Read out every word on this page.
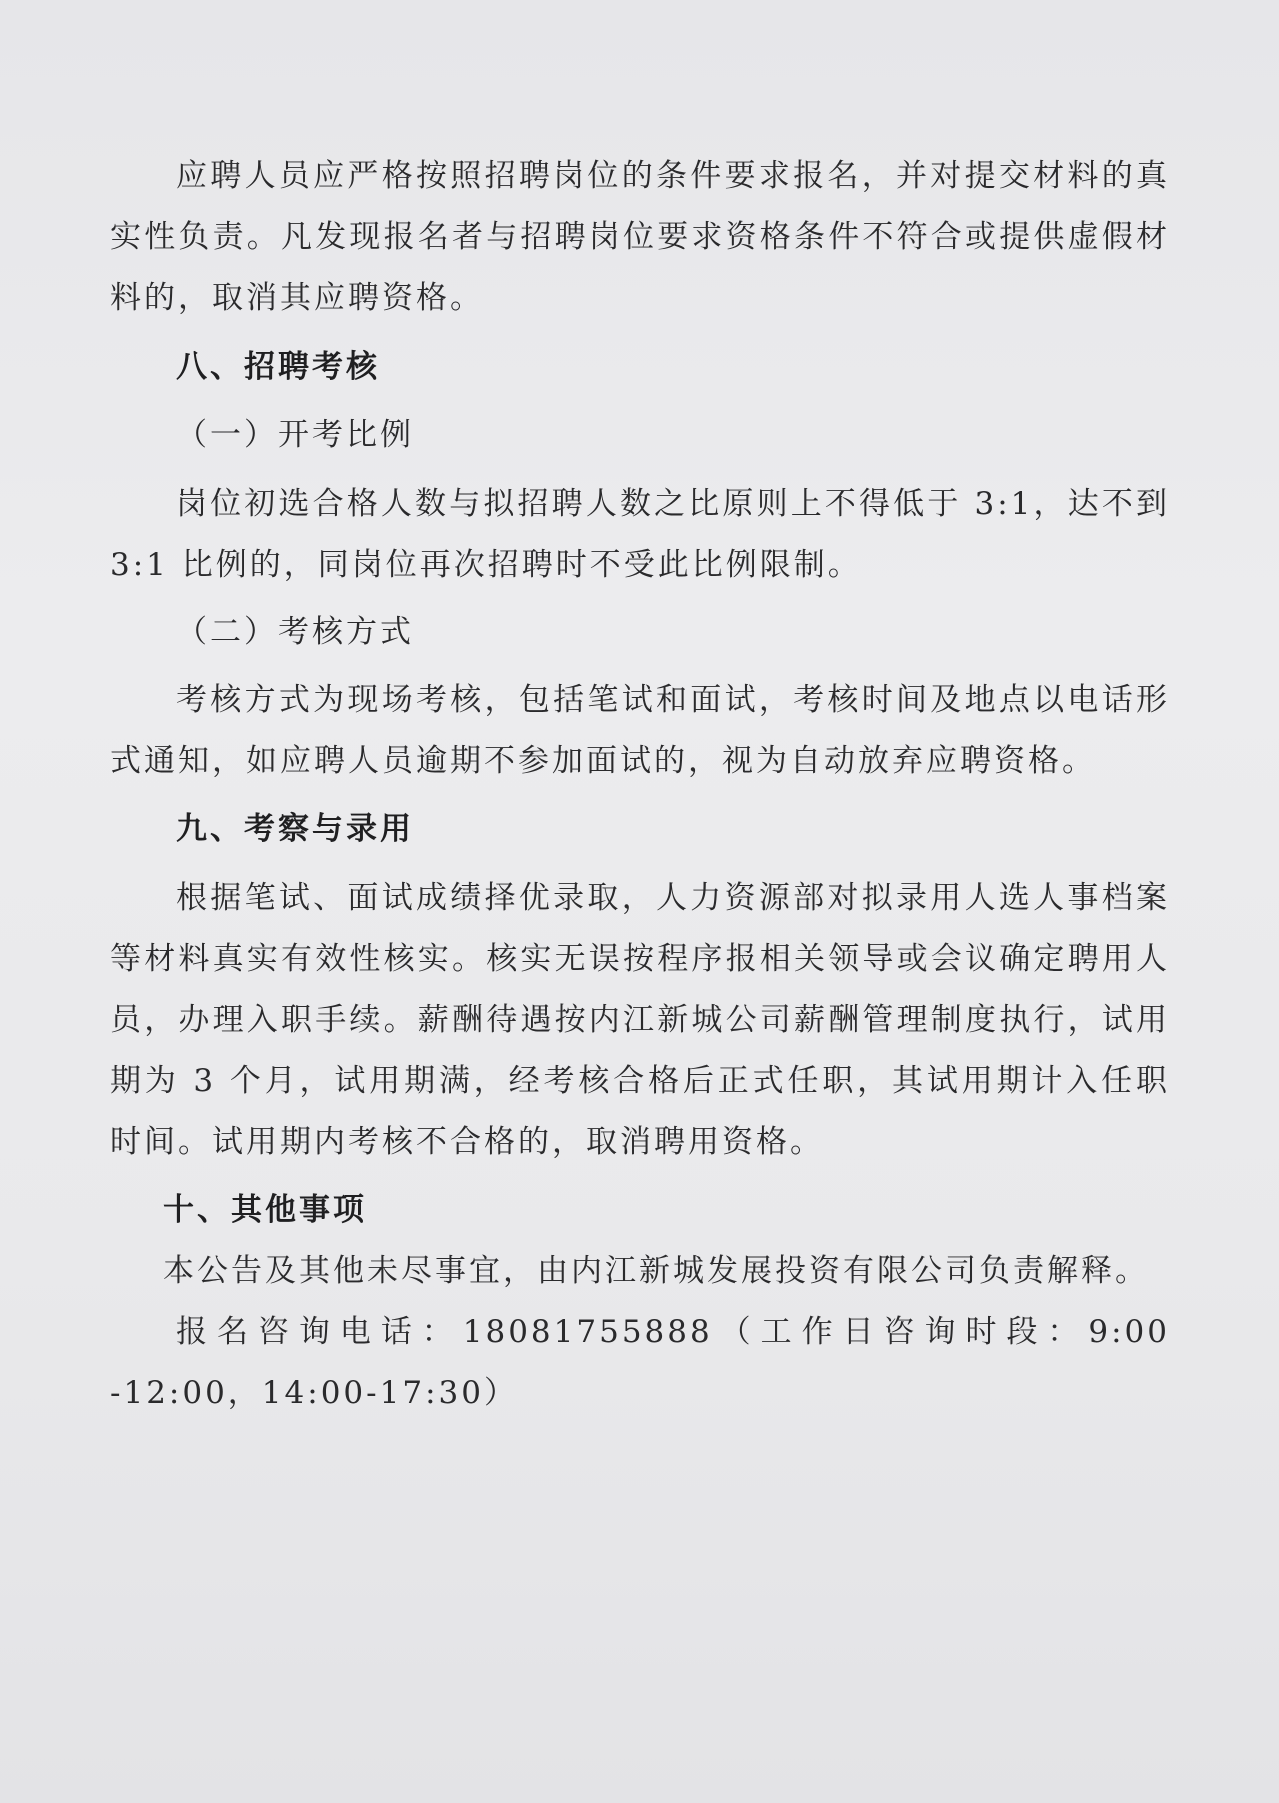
应聘人员应严格按照招聘岗位的条件要求报名，并对提交材料的真实性负责。凡发现报名者与招聘岗位要求资格条件不符合或提供虚假材料的，取消其应聘资格。

八、招聘考核
（一）开考比例

岗位初选合格人数与拟招聘人数之比原则上不得低于 3:1，达不到 3:1 比例的，同岗位再次招聘时不受此比例限制。

（二）考核方式

考核方式为现场考核，包括笔试和面试，考核时间及地点以电话形式通知，如应聘人员逾期不参加面试的，视为自动放弃应聘资格。

九、考察与录用

根据笔试、面试成绩择优录取，人力资源部对拟录用人选人事档案等材料真实有效性核实。核实无误按程序报相关领导或会议确定聘用人员，办理入职手续。薪酬待遇按内江新城公司薪酬管理制度执行，试用期为 3 个月，试用期满，经考核合格后正式任职，其试用期计入任职时间。试用期内考核不合格的，取消聘用资格。

十、其他事项

本公告及其他未尽事宜，由内江新城发展投资有限公司负责解释。

报名咨询电话：18081755888（工作日咨询时段：9:00 -12:00，14:00-17:30）
